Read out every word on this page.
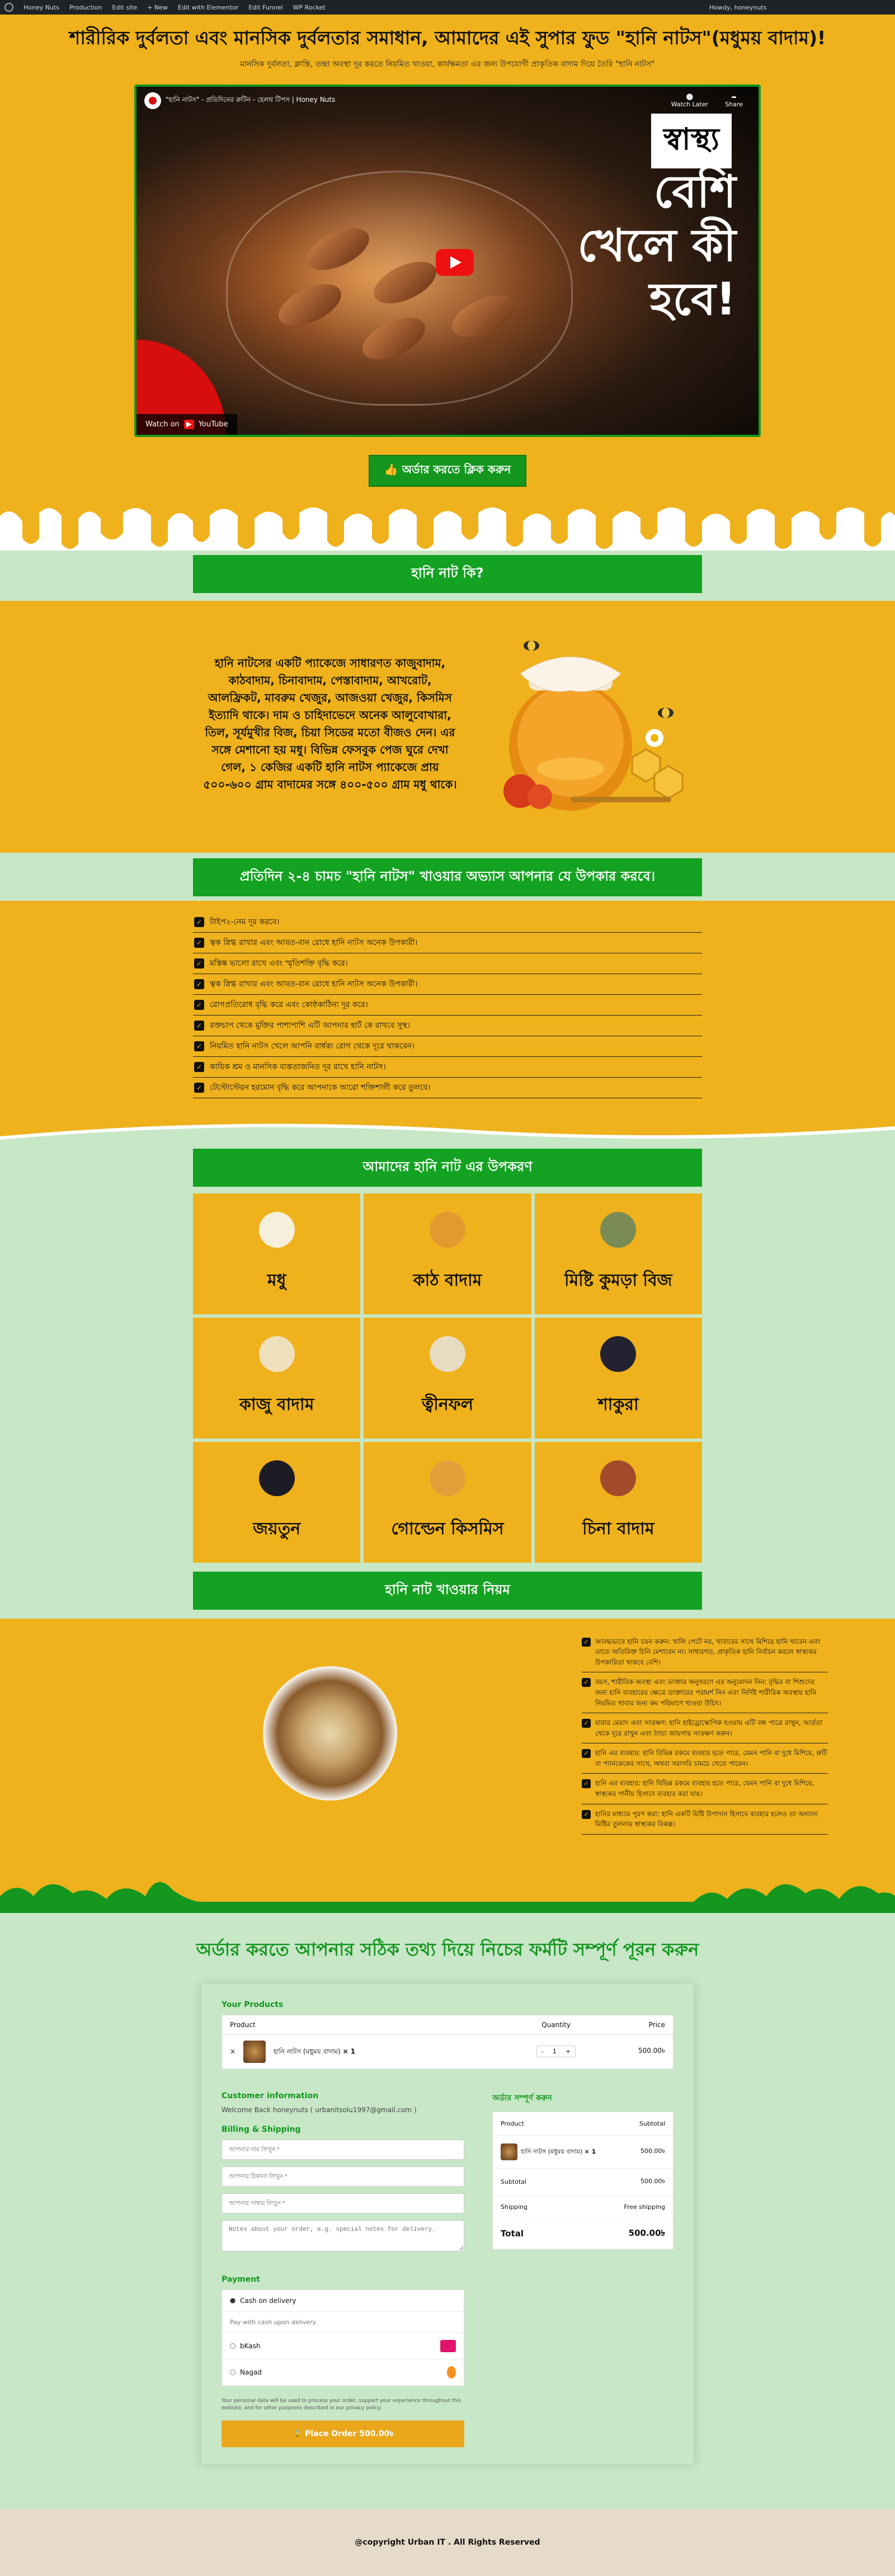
Honey Nuts Production Edit site + New Edit with Elementor Edit Funnel WP Rocket	Howdy, honeynuts
শারীরিক দুর্বলতা এবং মানসিক দুর্বলতার সমাধান, আমাদের এই সুপার ফুড "হানি নাটস"(মধুময় বাদাম)!

মানসিক দুর্বলতা, ক্লান্তি, তন্দ্রা অবস্থা দূর করতে নিয়মিত খাওয়া, কার্যক্ষমতা এর জন্য উপযোগী প্রাকৃতিক বাদাম দিয়ে তৈরি "হানি নাটস"

"হানি নাটস" - প্রতিদিনের রুটিন - হেলথ টিপস | Honey Nuts	🕓
Watch Later
➦
Share
স্বাস্থ্য
বেশি খেলে কী হবে!
Watch on ▶ YouTube
👍 অর্ডার করতে ক্লিক করুন
হানি নাট কি?

হানি নাটসের একটি প্যাকেজে সাধারণত কাজুবাদাম, কাঠবাদাম, চিনাবাদাম, পেস্তাবাদাম, আখরোট, আলফ্রিকট, মাবরুম খেজুর, আজওয়া খেজুর, কিসমিস ইত্যাদি থাকে। দাম ও চাহিদাভেদে অনেক আলুবোখারা, তিল, সূর্যমুখীর বিজ, চিয়া সিডের মতো বীজও দেন। এর সঙ্গে মেশানো হয় মধু। বিভিন্ন ফেসবুক পেজ ঘুরে দেখা গেল, ১ কেজির একটি হানি নাটস প্যাকেজে প্রায় ৫০০-৬০০ গ্রাম বাদামের সঙ্গে ৪০০-৫০০ গ্রাম মধু থাকে।

প্রতিদিন ২-৪ চামচ "হানি নাটস" খাওয়ার অভ্যাস আপনার যে উপকার করবে।
✓ টাইপ২-নেম দূর করবে।
✓ ত্বক স্নিগ্ধ রাখার এবং আবত-বান রোধে হানি নাটস অনেক উপকারী।
✓ মস্তিষ্ক ভালো রাখে এবং স্মৃতিশক্তি বৃদ্ধি করে।
✓ ত্বক স্নিগ্ধ রাখার এবং আবত-বান রোধে হানি নাটস অনেক উপকারী।
✓ রোগপ্রতিরোধ বৃদ্ধি করে এবং কোষ্ঠকাঠিন্য দূর করে।
✓ রক্তচাপ থেকে মুক্তির পাশাপাশি এটি আপনার হার্ট কে রাখবে সুস্থ।
✓ নিয়মিত হানি নাটস খেলে আপনি বার্ধক্য রোগ থেকে দূরে থাকবেন।
✓ কায়িক শ্রম ও মানসিক ব্যস্ততাজনিত দূর রাখে হানি নাটস।
✓ টেস্টোস্টেরন হরমোন বৃদ্ধি করে আপনাকে আরো শক্তিশালী করে তুলবে।
আমাদের হানি নাট এর উপকরণ
মধু	কাঠ বাদাম	মিষ্টি কুমড়া বিজ
কাজু বাদাম	ত্বীনফল	শাকুরা
জয়তুন	গোল্ডেন কিসমিস	চিনা বাদাম
হানি নাট খাওয়ার নিয়ম
✓ আবদ্ধভাবে হানি চয়ন করুন: খালি পেটে নয়, খাবারের সাথে মিশিয়ে হানি খাবেন এবং তাতে অতিরিক্ত চিনি মেশাবেন না। সাধারণত, প্রাকৃতিক হানি নির্বাচন করলে স্বাস্থ্যকর উপকারিতা থাকবে বেশি।
✓ বয়স, শারীরিক অবস্থা এবং ডাক্তার অনুসরণে এর অনুমোদন নিন: বৃদ্ধির বা শিশুদের জন্য হানি ব্যবহারের ক্ষেত্রে ডাক্তারের পরামর্শ নিন এবং নির্দিষ্ট শারীরিক অবস্থায় হানি নিয়মিত খাবার জন্য কম পরিমাণে খাওয়া উচিৎ।
✓ যারার মেয়াদ এবং সংরক্ষণ: হানি হাইড্রোস্কোপিক হওয়ায় এটি বন্ধ পাত্রে রাখুন, আর্দ্রতা থেকে দূরে রাখুন এবং ঠান্ডা জায়গায় সংরক্ষণ করুন।
✓ হানি এর ব্যবহার: হানি বিভিন্ন রকমে ব্যবহার হতে পারে, যেমন পানি বা দুধে মিশিয়ে, রুটি বা প্যানকেকের সাথে, অথবা সরাসরি চামচে খেতে পারেন।
✓ হানি এর ব্যবহার: হানি বিভিন্ন রকমে ব্যবহার হতে পারে, যেমন পানি বা দুধে মিশিয়ে, স্বাস্থ্যকর পানীয় হিসাবে ব্যবহার করা যায়।
✓ হানির মাধ্যমে পূরণ করা: হানি একটি মিষ্টি উপাদান হিসাবে ব্যবহার হলেও তা অন্যান্য মিষ্টির তুলনায় স্বাস্থ্যকর বিকল্প।
অর্ডার করতে আপনার সঠিক তথ্য দিয়ে নিচের ফর্মটি সম্পূর্ণ পূরন করুন
Your Products
Product	Quantity	Price
×	হানি নাটস (মধুময় বাদাম) × 1	-	1	+	500.00৳
Customer information
Welcome Back honeynuts ( urbanitsolu1997@gmail.com )
Billing & Shipping
আপনার নাম লিখুন * আপনার ঠিকানা লিখুন * আপনার নাম্বার লিখুন * Notes about your order, e.g. special notes for delivery.
Payment
Cash on delivery
Pay with cash upon delivery.
bKash
Nagad

Your personal data will be used to process your order, support your experience throughout this website, and for other purposes described in our privacy policy.

🔒 Place Order 500.00৳
অর্ডার সম্পূর্ণ করুন
Product	Subtotal
হানি নাটস (মধুময় বাদাম) × 1	500.00৳
Subtotal	500.00৳
Shipping	Free shipping
Total	500.00৳
@copyright Urban IT . All Rights Reserved
